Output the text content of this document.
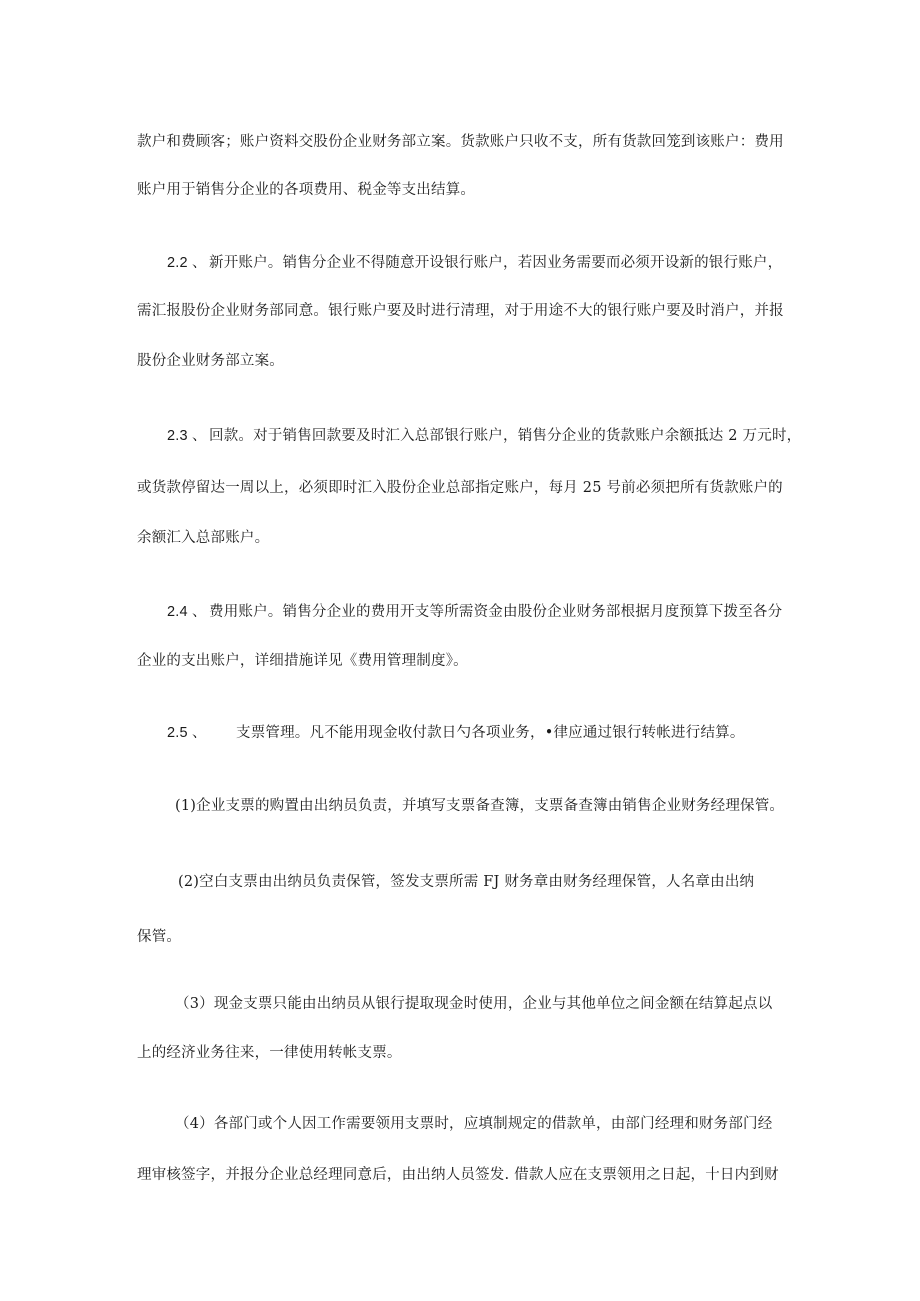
款户和费顾客；账户资料交股份企业财务部立案。货款账户只收不支，所有货款回笼到该账户：费用
账户用于销售分企业的各项费用、税金等支出结算。
2.2 、 新开账户。销售分企业不得随意开设银行账户，若因业务需要而必须开设新的银行账户，
需汇报股份企业财务部同意。银行账户要及时进行清理，对于用途不大的银行账户要及时消户，并报
股份企业财务部立案。
2.3 、 回款。对于销售回款要及时汇入总部银行账户，销售分企业的货款账户余额抵达 2 万元时，
或货款停留达一周以上，必须即时汇入股份企业总部指定账户，每月 25 号前必须把所有货款账户的
余额汇入总部账户。
2.4 、 费用账户。销售分企业的费用开支等所需资金由股份企业财务部根据月度预算下拨至各分
企业的支出账户，详细措施详见《费用管理制度》。
2.5 、 支票管理。凡不能用现金收付款日勺各项业务，•律应通过银行转帐进行结算。
(1)企业支票的购置由出纳员负责，并填写支票备查簿，支票备查簿由销售企业财务经理保管。
(2)空白支票由出纳员负责保管，签发支票所需 FJ 财务章由财务经理保管，人名章由出纳
保管。
（3）现金支票只能由出纳员从银行提取现金时使用，企业与其他单位之间金额在结算起点以
上的经济业务往来，一律使用转帐支票。
（4）各部门或个人因工作需要领用支票时，应填制规定的借款单，由部门经理和财务部门经
理审核签字，并报分企业总经理同意后，由出纳人员签发. 借款人应在支票领用之日起，十日内到财
